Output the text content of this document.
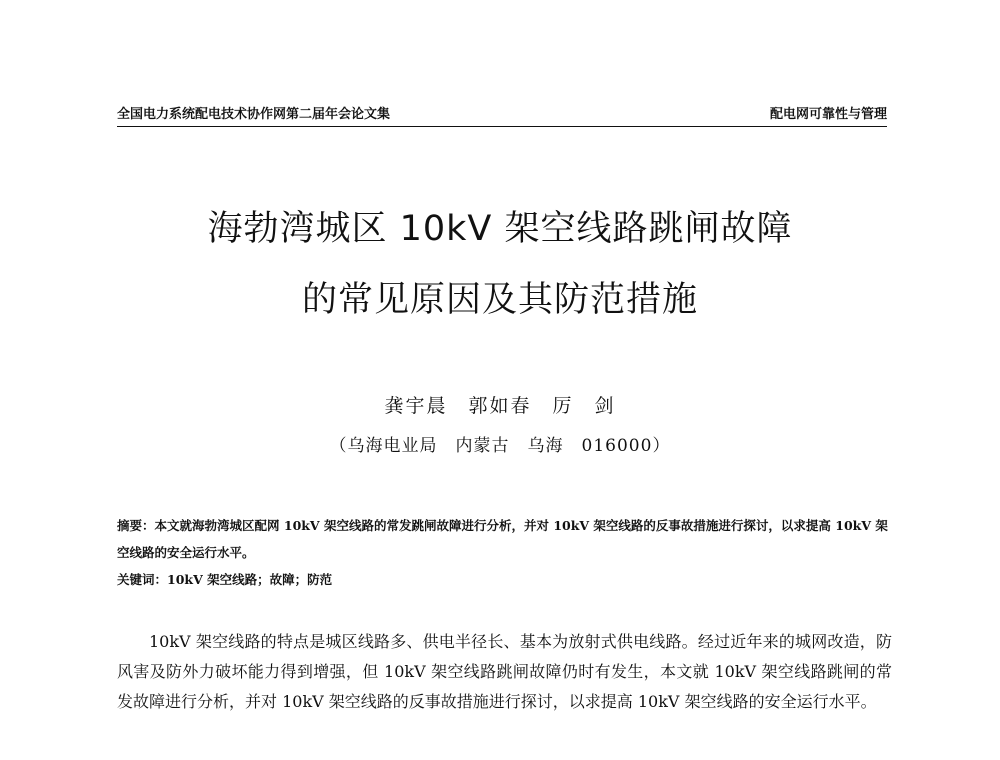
全国电力系统配电技术协作网第二届年会论文集	配电网可靠性与管理
海勃湾城区 10kV 架空线路跳闸故障
的常见原因及其防范措施
龚宇晨　郭如春　厉　剑
（乌海电业局　内蒙古　乌海　016000）
摘要：本文就海勃湾城区配网 10kV 架空线路的常发跳闸故障进行分析，并对 10kV 架空线路的反事故措施进行探讨，以求提高 10kV 架空线路的安全运行水平。
关键词：10kV 架空线路；故障；防范

10kV 架空线路的特点是城区线路多、供电半径长、基本为放射式供电线路。经过近年来的城网改造，防风害及防外力破坏能力得到增强，但 10kV 架空线路跳闸故障仍时有发生，本文就 10kV 架空线路跳闸的常发故障进行分析，并对 10kV 架空线路的反事故措施进行探讨，以求提高 10kV 架空线路的安全运行水平。
